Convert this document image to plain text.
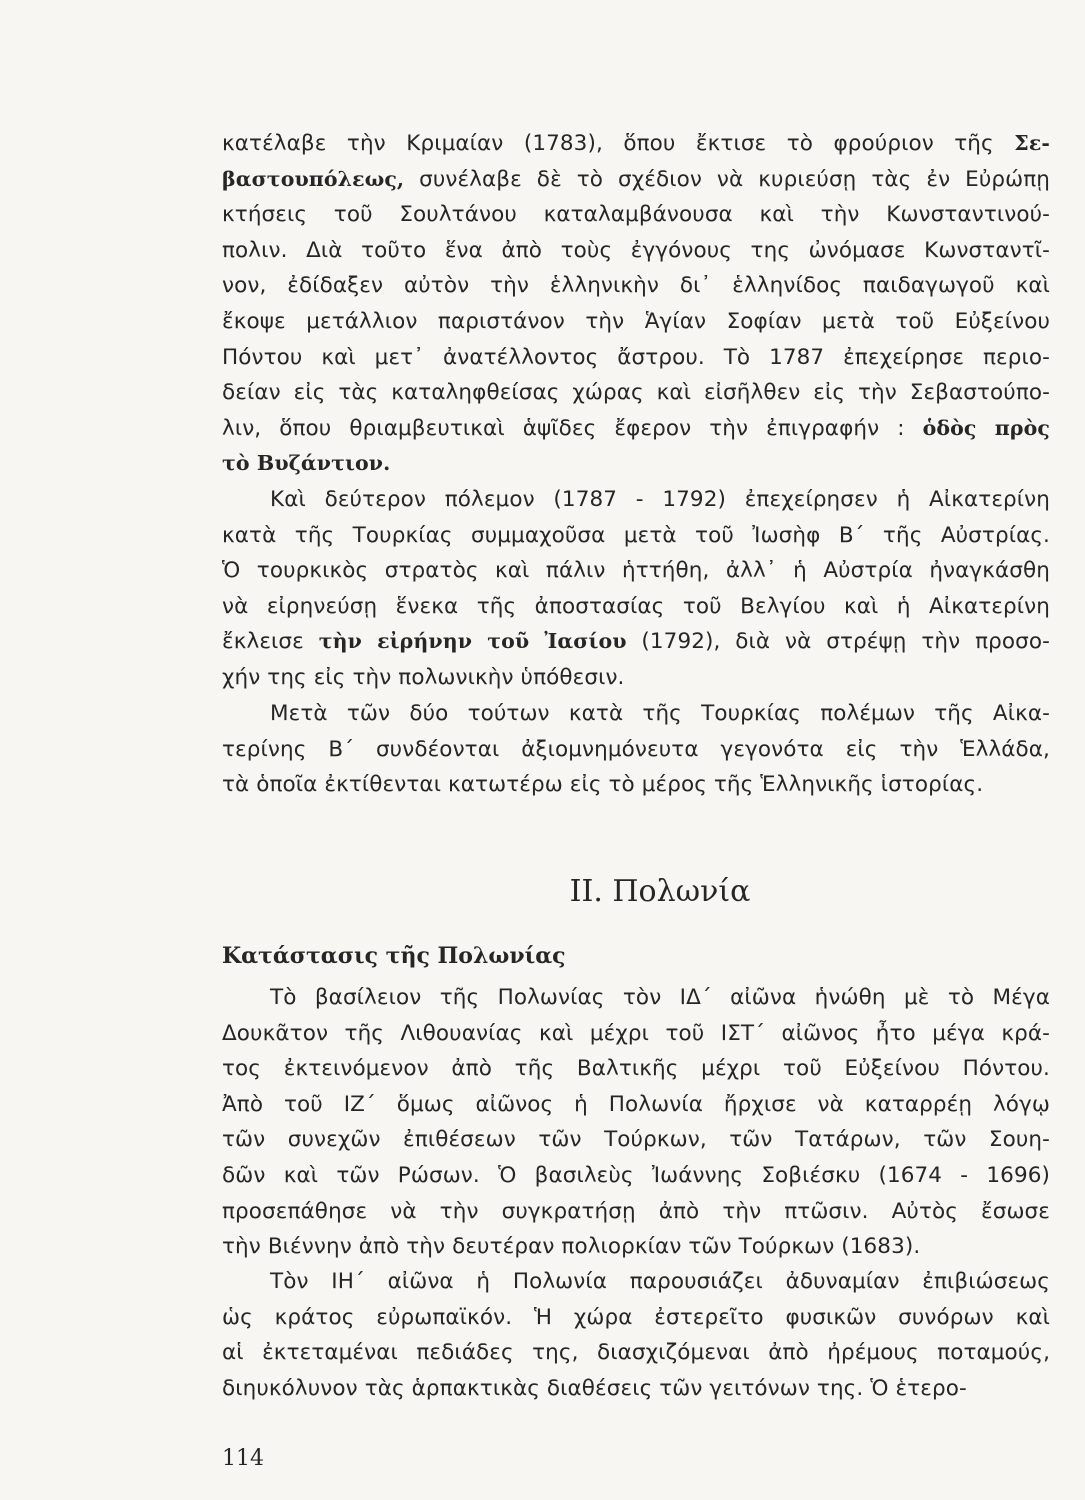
κατέλαβε τὴν Κριμαίαν (1783), ὅπου ἔκτισε τὸ φρούριον τῆς Σε-
βαστουπόλεως, συνέλαβε δὲ τὸ σχέδιον νὰ κυριεύσῃ τὰς ἐν Εὐρώπῃ
κτήσεις τοῦ Σουλτάνου καταλαμβάνουσα καὶ τὴν Κωνσταντινού-
πολιν. Διὰ τοῦτο ἕνα ἀπὸ τοὺς ἐγγόνους της ὠνόμασε Κωνσταντῖ-
νον, ἐδίδαξεν αὐτὸν τὴν ἑλληνικὴν δι᾿ ἑλληνίδος παιδαγωγοῦ καὶ
ἔκοψε μετάλλιον παριστάνον τὴν Ἁγίαν Σοφίαν μετὰ τοῦ Εὐξείνου
Πόντου καὶ μετ᾿ ἀνατέλλοντος ἄστρου. Τὸ 1787 ἐπεχείρησε περιο-
δείαν εἰς τὰς καταληφθείσας χώρας καὶ εἰσῆλθεν εἰς τὴν Σεβαστούπο-
λιν, ὅπου θριαμβευτικαὶ ἁψῖδες ἔφερον τὴν ἐπιγραφήν : ὁδὸς πρὸς
τὸ Βυζάντιον.
Καὶ δεύτερον πόλεμον (1787 - 1792) ἐπεχείρησεν ἡ Αἰκατερίνη
κατὰ τῆς Τουρκίας συμμαχοῦσα μετὰ τοῦ Ἰωσὴφ Β΄ τῆς Αὐστρίας.
Ὁ τουρκικὸς στρατὸς καὶ πάλιν ἡττήθη, ἀλλ᾿ ἡ Αὐστρία ἠναγκάσθη
νὰ εἰρηνεύσῃ ἕνεκα τῆς ἀποστασίας τοῦ Βελγίου καὶ ἡ Αἰκατερίνη
ἔκλεισε τὴν εἰρήνην τοῦ Ἰασίου (1792), διὰ νὰ στρέψῃ τὴν προσο-
χήν της εἰς τὴν πολωνικὴν ὑπόθεσιν.
Μετὰ τῶν δύο τούτων κατὰ τῆς Τουρκίας πολέμων τῆς Αἰκα-
τερίνης Β΄ συνδέονται ἀξιομνημόνευτα γεγονότα εἰς τὴν Ἑλλάδα,
τὰ ὁποῖα ἐκτίθενται κατωτέρω εἰς τὸ μέρος τῆς Ἑλληνικῆς ἱστορίας.
ΙΙ. Πολωνία
Κατάστασις τῆς Πολωνίας
Τὸ βασίλειον τῆς Πολωνίας τὸν ΙΔ΄ αἰῶνα ἡνώθη μὲ τὸ Μέγα
Δουκᾶτον τῆς Λιθουανίας καὶ μέχρι τοῦ ΙΣΤ΄ αἰῶνος ἦτο μέγα κρά-
τος ἐκτεινόμενον ἀπὸ τῆς Βαλτικῆς μέχρι τοῦ Εὐξείνου Πόντου.
Ἀπὸ τοῦ ΙΖ΄ ὅμως αἰῶνος ἡ Πολωνία ἤρχισε νὰ καταρρέῃ λόγῳ
τῶν συνεχῶν ἐπιθέσεων τῶν Τούρκων, τῶν Τατάρων, τῶν Σουη-
δῶν καὶ τῶν Ρώσων. Ὁ βασιλεὺς Ἰωάννης Σοβιέσκυ (1674 - 1696)
προσεπάθησε νὰ τὴν συγκρατήσῃ ἀπὸ τὴν πτῶσιν. Αὐτὸς ἔσωσε
τὴν Βιέννην ἀπὸ τὴν δευτέραν πολιορκίαν τῶν Τούρκων (1683).
Τὸν ΙΗ΄ αἰῶνα ἡ Πολωνία παρουσιάζει ἀδυναμίαν ἐπιβιώσεως
ὡς κράτος εὐρωπαϊκόν. Ἡ χώρα ἐστερεῖτο φυσικῶν συνόρων καὶ
αἱ ἐκτεταμέναι πεδιάδες της, διασχιζόμεναι ἀπὸ ἠρέμους ποταμούς,
διηυκόλυνον τὰς ἁρπακτικὰς διαθέσεις τῶν γειτόνων της. Ὁ ἑτερο-
114
